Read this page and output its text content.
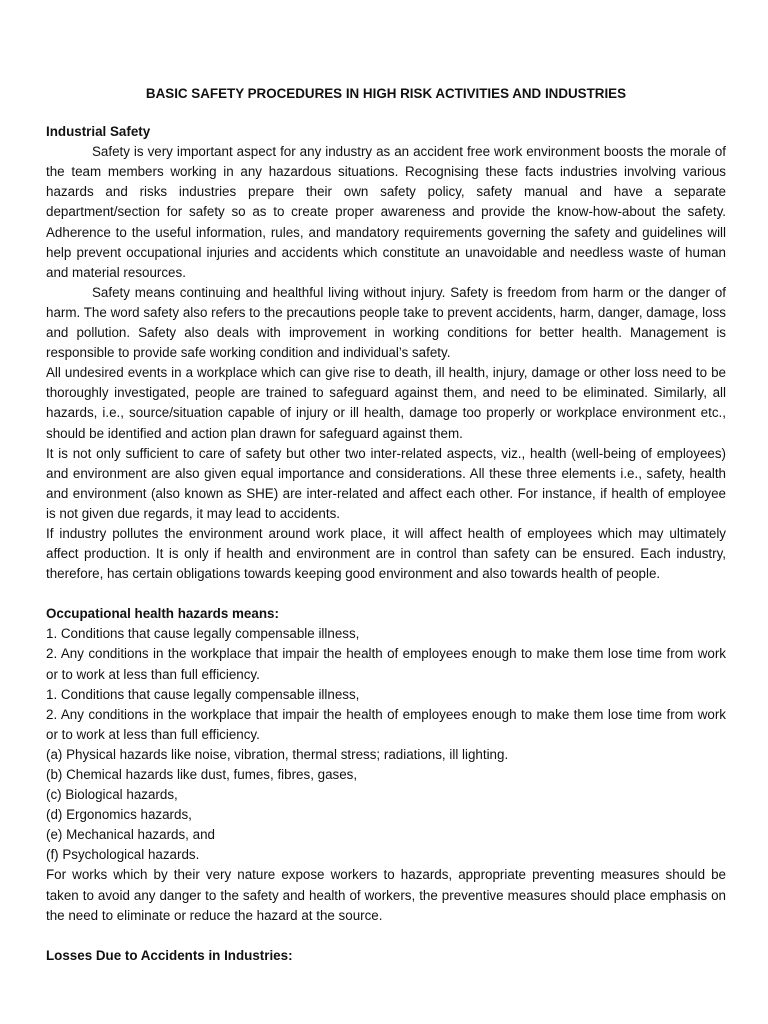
BASIC SAFETY PROCEDURES IN HIGH RISK ACTIVITIES AND INDUSTRIES
Industrial Safety

Safety is very important aspect for any industry as an accident free work environment boosts the morale of the team members working in any hazardous situations. Recognising these facts industries involving various hazards and risks industries prepare their own safety policy, safety manual and have a separate department/section for safety so as to create proper awareness and provide the know-how-about the safety. Adherence to the useful information, rules, and mandatory requirements governing the safety and guidelines will help prevent occupational injuries and accidents which constitute an unavoidable and needless waste of human and material resources.

Safety means continuing and healthful living without injury. Safety is freedom from harm or the danger of harm. The word safety also refers to the precautions people take to prevent accidents, harm, danger, damage, loss and pollution. Safety also deals with improvement in working conditions for better health. Management is responsible to provide safe working condition and individual’s safety.

All undesired events in a workplace which can give rise to death, ill health, injury, damage or other loss need to be thoroughly investigated, people are trained to safeguard against them, and need to be eliminated. Similarly, all hazards, i.e., source/situation capable of injury or ill health, damage too properly or workplace environment etc., should be identified and action plan drawn for safeguard against them.

It is not only sufficient to care of safety but other two inter-related aspects, viz., health (well-being of employees) and environment are also given equal importance and considerations. All these three elements i.e., safety, health and environment (also known as SHE) are inter-related and affect each other. For instance, if health of employee is not given due regards, it may lead to accidents.

If industry pollutes the environment around work place, it will affect health of employees which may ultimately affect production. It is only if health and environment are in control than safety can be ensured. Each industry, therefore, has certain obligations towards keeping good environment and also towards health of people.

Occupational health hazards means:

1. Conditions that cause legally compensable illness,

2. Any conditions in the workplace that impair the health of employees enough to make them lose time from work or to work at less than full efficiency.

1. Conditions that cause legally compensable illness,

2. Any conditions in the workplace that impair the health of employees enough to make them lose time from work or to work at less than full efficiency.

(a) Physical hazards like noise, vibration, thermal stress; radiations, ill lighting.

(b) Chemical hazards like dust, fumes, fibres, gases,

(c) Biological hazards,

(d) Ergonomics hazards,

(e) Mechanical hazards, and

(f) Psychological hazards.

For works which by their very nature expose workers to hazards, appropriate preventing measures should be taken to avoid any danger to the safety and health of workers, the preventive measures should place emphasis on the need to eliminate or reduce the hazard at the source.

Losses Due to Accidents in Industries:
